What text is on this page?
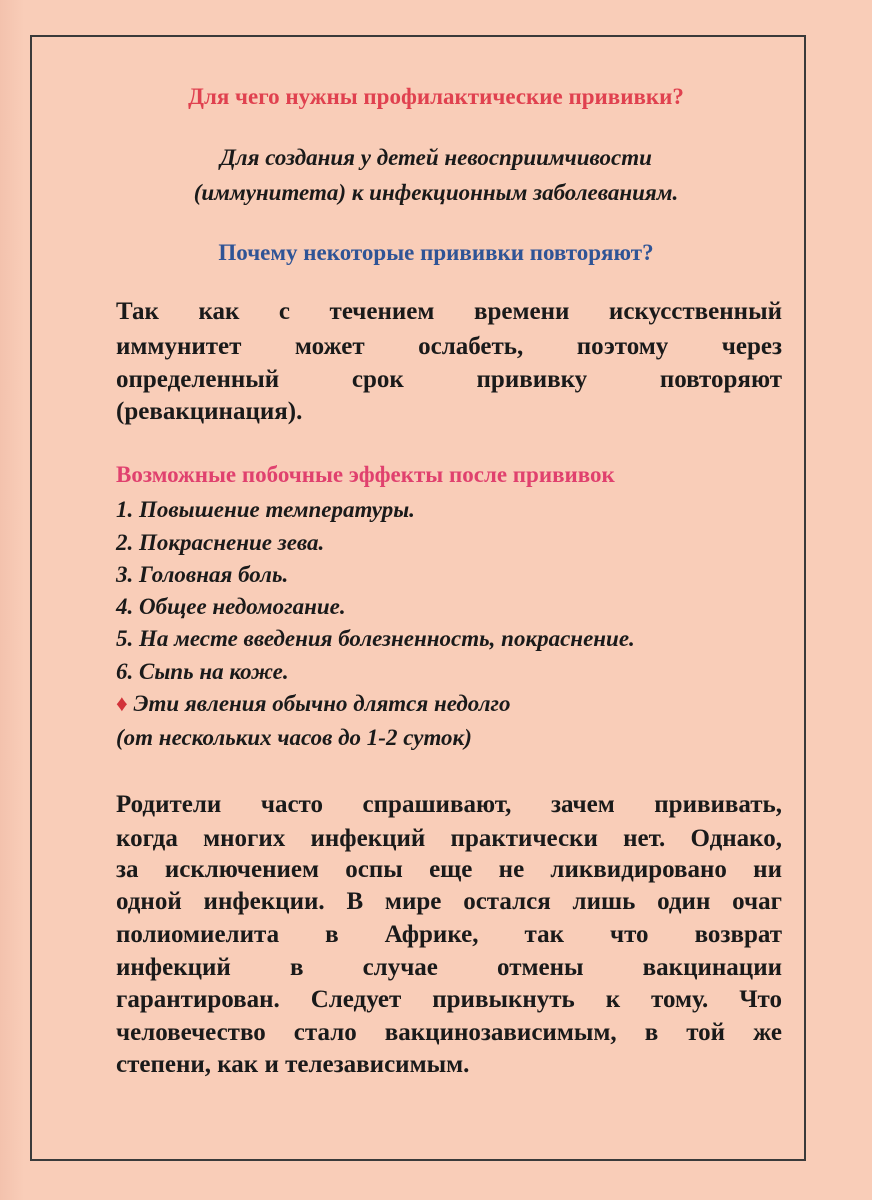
Для чего нужны профилактические прививки?

Для создания у детей невосприимчивости

(иммунитета) к инфекционным заболеваниям.

Почему некоторые прививки повторяют?

Так как с течением времени искусственный

иммунитет может ослабеть, поэтому через

определенный срок прививку повторяют

(ревакцинация).

Возможные побочные эффекты после прививок

1. Повышение температуры.

2. Покраснение зева.

3. Головная боль.

4. Общее недомогание.

5. На месте введения болезненность, покраснение.

6. Сыпь на коже.

♦ Эти явления обычно длятся недолго

(от нескольких часов до 1-2 суток)

Родители часто спрашивают, зачем прививать,

когда многих инфекций практически нет. Однако,

за исключением оспы еще не ликвидировано ни

одной инфекции. В мире остался лишь один очаг

полиомиелита в Африке, так что возврат

инфекций в случае отмены вакцинации

гарантирован. Следует привыкнуть к тому. Что

человечество стало вакцинозависимым, в той же

степени, как и телезависимым.
